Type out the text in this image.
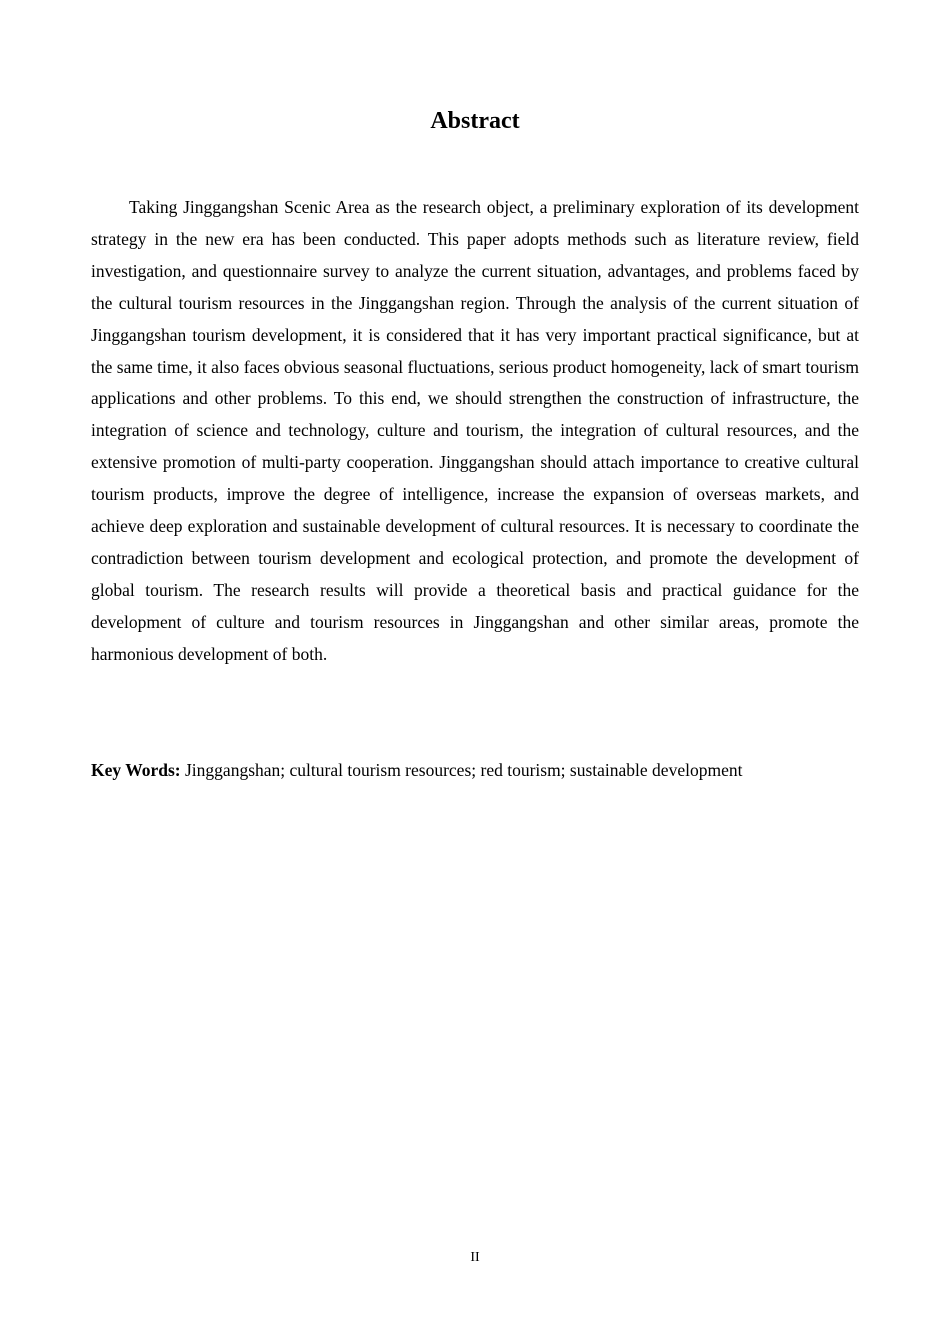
Abstract

Taking Jinggangshan Scenic Area as the research object, a preliminary exploration of its development strategy in the new era has been conducted. This paper adopts methods such as literature review, field investigation, and questionnaire survey to analyze the current situation, advantages, and problems faced by the cultural tourism resources in the Jinggangshan region. Through the analysis of the current situation of Jinggangshan tourism development, it is considered that it has very important practical significance, but at the same time, it also faces obvious seasonal fluctuations, serious product homogeneity, lack of smart tourism applications and other problems. To this end, we should strengthen the construction of infrastructure, the integration of science and technology, culture and tourism, the integration of cultural resources, and the extensive promotion of multi-party cooperation. Jinggangshan should attach importance to creative cultural tourism products, improve the degree of intelligence, increase the expansion of overseas markets, and achieve deep exploration and sustainable development of cultural resources. It is necessary to coordinate the contradiction between tourism development and ecological protection, and promote the development of global tourism. The research results will provide a theoretical basis and practical guidance for the development of culture and tourism resources in Jinggangshan and other similar areas, promote the harmonious development of both.

Key Words: Jinggangshan; cultural tourism resources; red tourism; sustainable development

II
